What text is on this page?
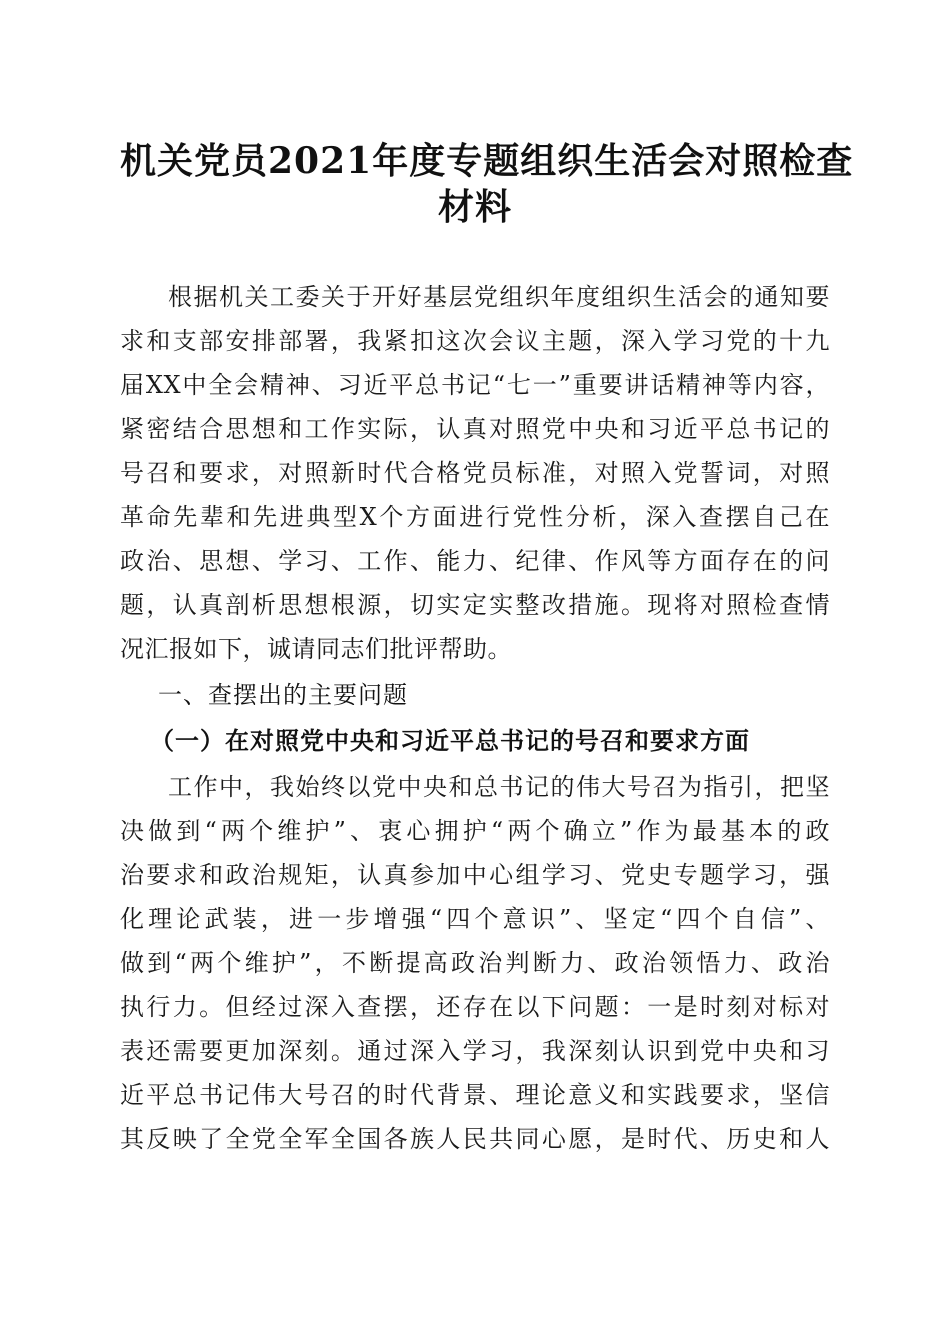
机关党员2021年度专题组织生活会对照检查
材料
根据机关工委关于开好基层党组织年度组织生活会的通知要
求和支部安排部署，我紧扣这次会议主题，深入学习党的十九
届XX中全会精神、习近平总书记“七一”重要讲话精神等内容，
紧密结合思想和工作实际，认真对照党中央和习近平总书记的
号召和要求，对照新时代合格党员标准，对照入党誓词，对照
革命先辈和先进典型X个方面进行党性分析，深入查摆自己在
政治、思想、学习、工作、能力、纪律、作风等方面存在的问
题，认真剖析思想根源，切实定实整改措施。现将对照检查情
况汇报如下，诚请同志们批评帮助。
一、查摆出的主要问题
（一）在对照党中央和习近平总书记的号召和要求方面
工作中，我始终以党中央和总书记的伟大号召为指引，把坚
决做到“两个维护”、衷心拥护“两个确立”作为最基本的政
治要求和政治规矩，认真参加中心组学习、党史专题学习，强
化理论武装，进一步增强“四个意识”、坚定“四个自信”、
做到“两个维护”，不断提高政治判断力、政治领悟力、政治
执行力。但经过深入查摆，还存在以下问题：一是时刻对标对
表还需要更加深刻。通过深入学习，我深刻认识到党中央和习
近平总书记伟大号召的时代背景、理论意义和实践要求，坚信
其反映了全党全军全国各族人民共同心愿，是时代、历史和人
